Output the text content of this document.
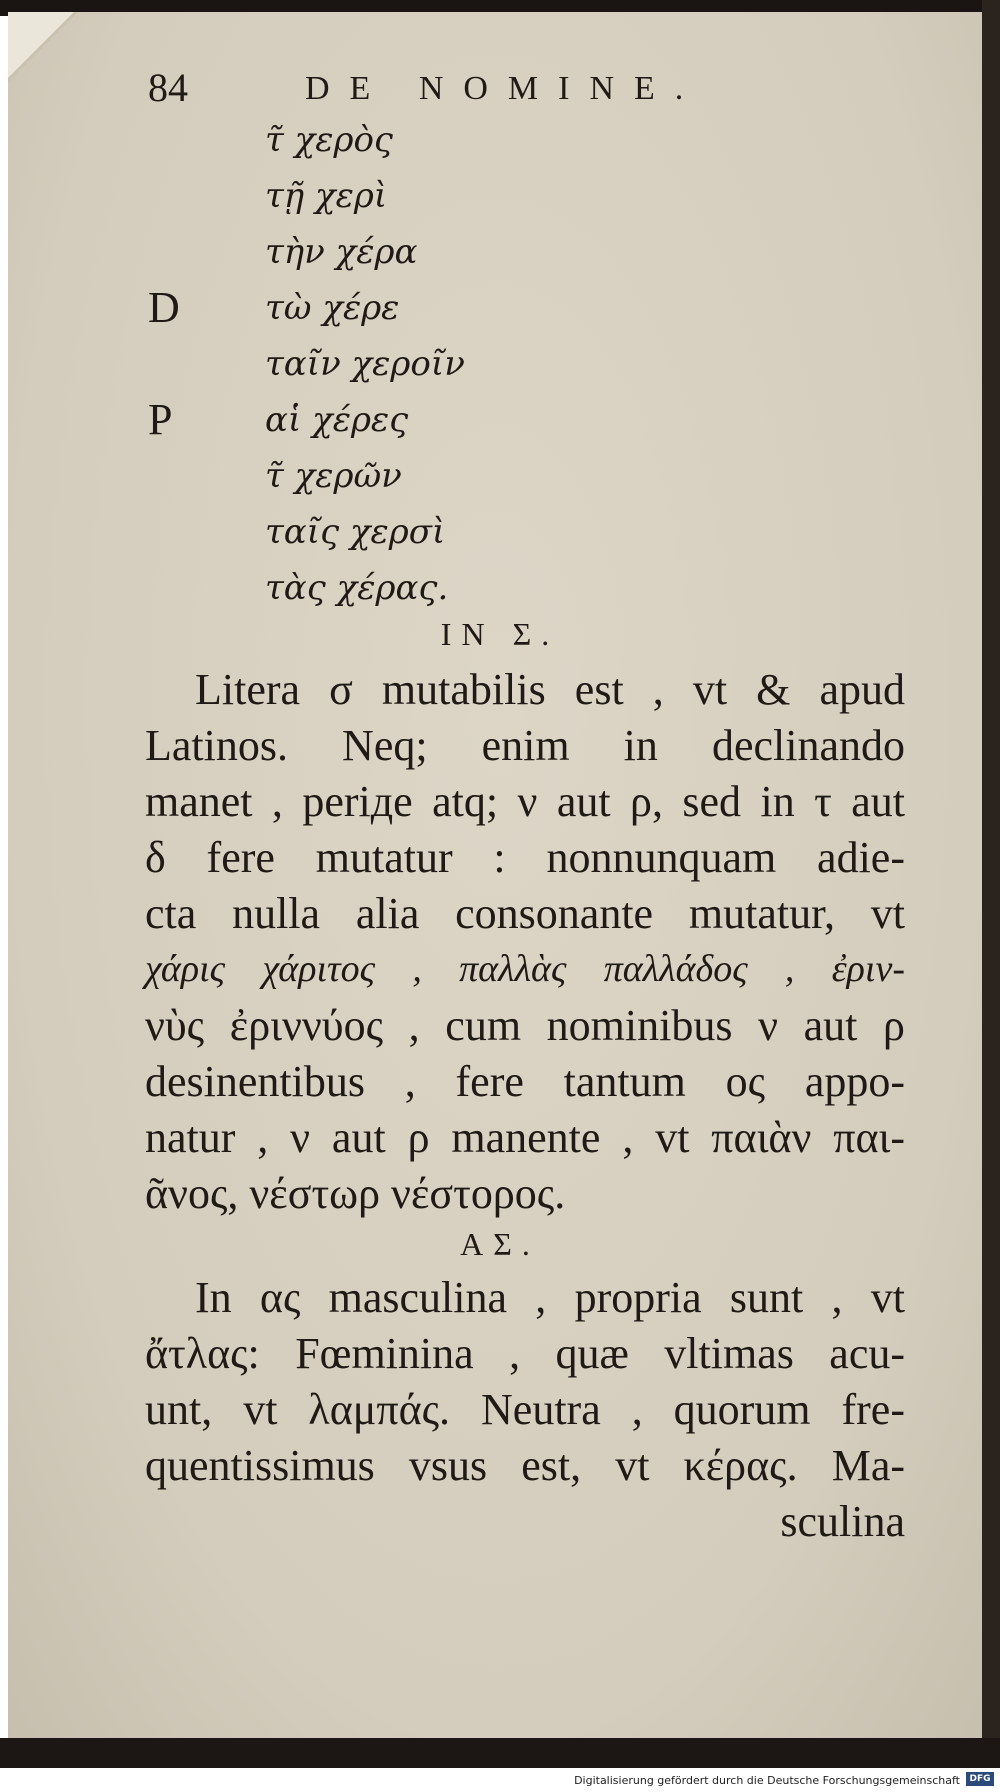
84	DE NOMINE.
τ̃ χερὸς
τῇ χερὶ
τὴν χέρα
D	τὼ χέρε
ταῖν χεροῖν
P	αἱ χέρες
τ̃ χερῶν
ταῖς χερσὶ
τὰς χέρας.
IN Σ.
Litera σ mutabilis est , vt & apud
Latinos. Neq; enim in declinando
manet , periде atq; ν aut ρ, sed in τ aut
δ fere mutatur : nonnunquam adie-
cta nulla alia consonante mutatur, vt
χάρις χάριτος , παλλὰς παλλάδος , ἐριν-
νὺς ἐριννύος , cum nominibus ν aut ρ
desinentibus , fere tantum ος appo-
natur , ν aut ρ manente , vt παιὰν παι-
ᾶνος, νέστωρ νέστορος.
ΑΣ.
In ας masculina , propria sunt , vt
ἄτλας: Fœminina , quæ vltimas acu-
unt, vt λαμπάς. Neutra , quorum fre-
quentissimus vsus est, vt κέρας. Ma-
sculina
Digitalisierung gefördert durch die Deutsche Forschungsgemeinschaft	DFG
